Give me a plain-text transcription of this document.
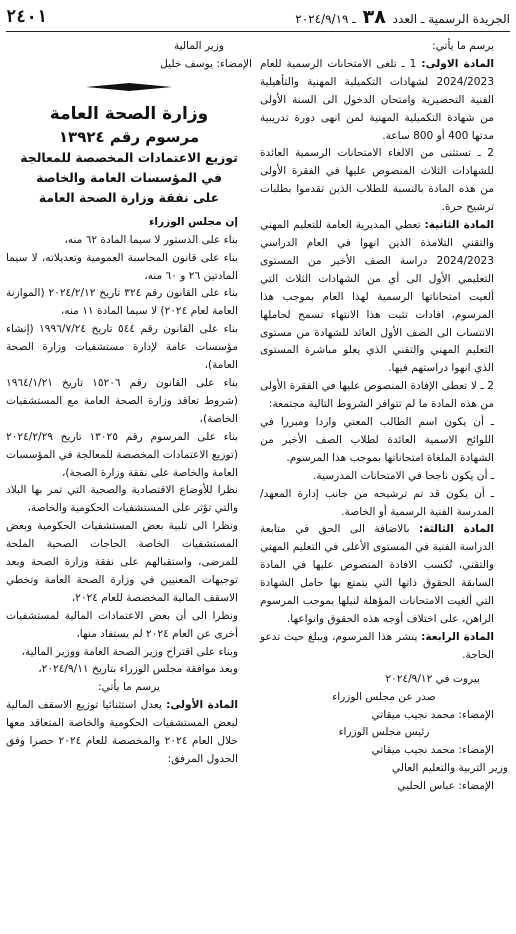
الجريدة الرسمية ـ العدد ٣٨ ـ ٢٠٢٤/٩/١٩
٢٤٠١

يرسم ما يأتي:

المادة الاولى: 1 ـ تلغى الامتحانات الرسمية للعام 2024/2023 لشهادات التكميلية المهنية والتأهيلية الفنية التحضيرية وامتحان الدخول الى السنة الأولى من شهادة التكميلية المهنية لمن انهى دورة تدريبية مدتها 400 أو 800 ساعة.

2 ـ تستثنى من الالغاء الامتحانات الرسمية العائدة للشهادات الثلاث المنصوص عليها في الفقرة الأولى من هذه المادة بالنسبة للطلاب الذين تقدموا بطلبات ترشيح حرة.

المادة الثانية: تعطي المديرية العامة للتعليم المهني والتقني التلامذة الذين انهوا في العام الدراسي 2024/2023 دراسة الصف الأخير من المستوى التعليمي الأول الى أي من الشهادات الثلاث التي ألغيت امتحاناتها الرسمية لهذا العام بموجب هذا المرسوم، افادات تثبت هذا الانتهاء تسمح لحاملها الانتساب الى الصف الأول العائد للشهادة من مستوى التعليم المهني والتقني الذي يعلو مباشرة المستوى الذي انهوا دراستهم فيها.

2 ـ لا تعطى الإفادة المنصوص عليها في الفقرة الأولى من هذه المادة ما لم تتوافر الشروط التالية مجتمعة:

ـ أن يكون اسم الطالب المعني واردا ومبررا في اللوائح الاسمية العائدة لطلاب الصف الأخير من الشهادة الملغاة امتحاناتها بموجب هذا المرسوم.

ـ أن يكون ناجحا في الامتحانات المدرسية.

ـ أن يكون قد تم ترشيحه من جانب إدارة المعهد/ المدرسة الفنية الرسمية أو الخاصة.

المادة الثالثة: بالاضافة الى الحق في متابعة الدراسة الفنية في المستوى الأعلى في التعليم المهني والتقني، تُكسب الافادة المنصوص عليها في المادة السابقة الحقوق ذاتها التي يتمتع بها حامل الشهادة التي ألغيت الامتحانات المؤهلة لنيلها بموجب المرسوم الراهن، على اختلاف أوجه هذه الحقوق وانواعها.

المادة الرابعة: ينشر هذا المرسوم، ويبلغ حيث تدعو الحاجة.

بيروت في ٢٠٢٤/٩/١٢

صدر عن مجلس الوزراء

الإمضاء: محمد نجيب ميقاتي

رئيس مجلس الوزراء

الإمضاء: محمد نجيب ميقاتي

وزير التربية والتعليم العالي

الإمضاء: عباس الحلبي

وزير المالية

الإمضاء: يوسف خليل

وزارة الصحة العامة

مرسوم رقم ١٣٩٢٤

توزيع الاعتمادات المخصصة للمعالجة

في المؤسسات العامة والخاصة

على نفقة وزارة الصحة العامة

إن مجلس الوزراء

بناء على الدستور لا سيما المادة ٦٢ منه،

بناء على قانون المحاسبة العمومية وتعديلاته، لا سيما المادتين ٢٦ و ٦٠ منه،

بناء على القانون رقم ٣٢٤ تاريخ ٢٠٢٤/٢/١٢ (الموازنة العامة لعام ٢٠٢٤) لا سيما المادة ١١ منه،

بناء على القانون رقم ٥٤٤ تاريخ ١٩٩٦/٧/٢٤ (إنشاء مؤسسات عامة لإدارة مستشفيات وزارة الصحة العامة)،

بناء على القانون رقم ١٥٢٠٦ تاريخ ١٩٦٤/١/٢١ (شروط تعاقد وزارة الصحة العامة مع المستشفيات الخاصة)،

بناء على المرسوم رقم ١٣٠٢٥ تاريخ ٢٠٢٤/٢/٢٩ (توزيع الاعتمادات المخصصة للمعالجة في المؤسسات العامة والخاصة على نفقة وزارة الصحة)،

نظرا للأوضاع الاقتصادية والصحية التي تمر بها البلاد والتي تؤثر على المستشفيات الحكومية والخاصة،

ونظرا الى تلبية بعض المستشفيات الحكومية وبعض المستشفيات الخاصة الحاجات الصحية الملحة للمرضى، واستقبالهم على نفقة وزارة الصحة وبعد توجيهات المعنيين في وزارة الصحة العامة وتخطي الاسقف المالية المخصصة للعام ٢٠٢٤،

ونظرا الى أن بعض الاعتمادات المالية لمستشفيات أخرى عن العام ٢٠٢٤ لم يستفاد منها،

وبناء على اقتراح وزير الصحة العامة ووزير المالية،

وبعد موافقة مجلس الوزراء بتاريخ ٢٠٢٤/٩/١١،

يرسم ما يأتي:

المادة الأولى: يعدل استثنائيا توزيع الاسقف المالية لبعض المستشفيات الحكومية والخاصة المتعاقد معها خلال العام ٢٠٢٤ والمخصصة للعام ٢٠٢٤ حصرا وفق الجدول المرفق:
